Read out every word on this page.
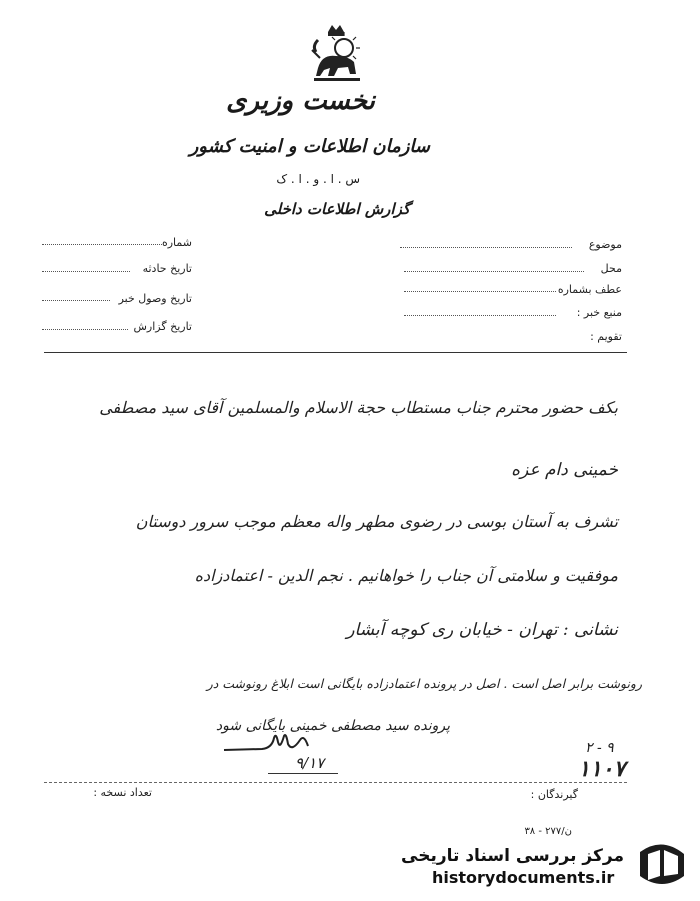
نخست وزیری
سازمان اطلاعات و امنیت کشور
س . ا . و . ا . ک
گزارش اطلاعات داخلی
موضوع
محل
عطف بشماره
منبع خبر :
تقویم :
شماره
تاریخ حادثه
تاریخ وصول خبر
تاریخ گزارش
بکف حضور محترم جناب مستطاب حجة الاسلام والمسلمین آقای سید مصطفی
خمینی دام عزه
تشرف به آستان بوسی در رضوی مطهر واله معظم موجب سرور دوستان
موفقیت و سلامتی آن جناب را خواهانیم . نجم الدین - اعتمادزاده
نشانی : تهران - خیابان ری کوچه آبشار
رونوشت برابر اصل است . اصل در پرونده اعتمادزاده بایگانی است ابلاغ رونوشت در
پرونده سید مصطفی خمینی بایگانی شود
۹/۱۷
۲ - ۹
۱۱۰۷
گیرندگان :
تعداد نسخه :
ن/۲۷۷ - ۳۸
مرکز بررسی اسناد تاریخی
historydocuments.ir
